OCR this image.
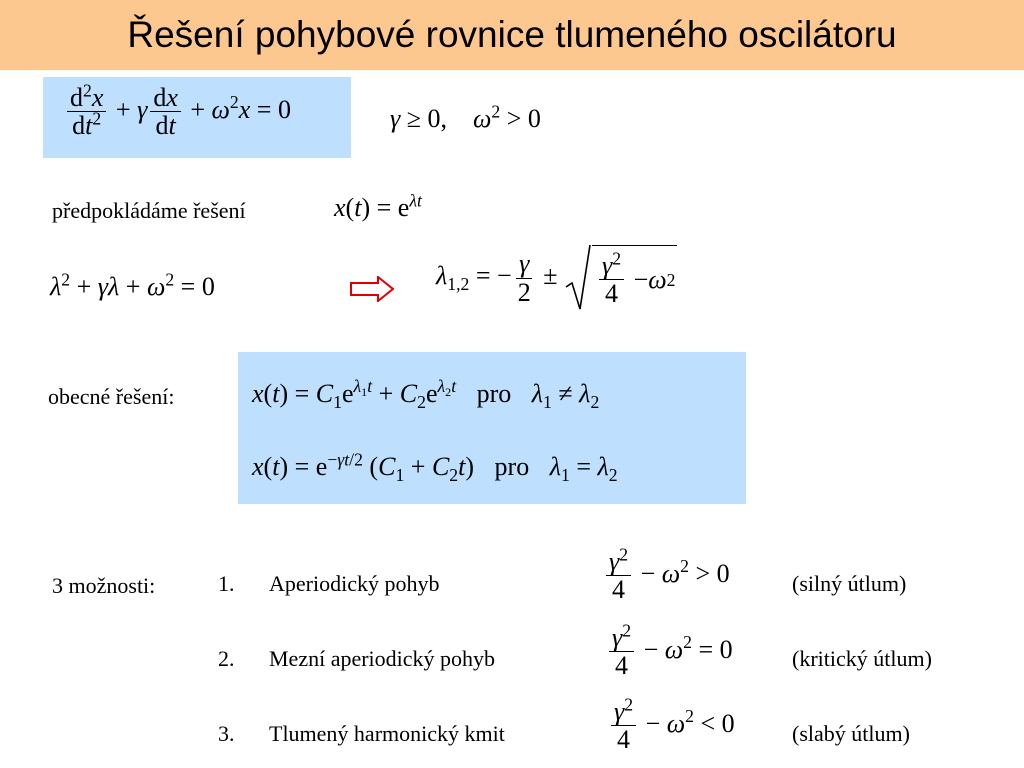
Řešení pohybové rovnice tlumeného oscilátoru
$\frac{d^2x}{dt^2} + \gamma \frac{dx}{dt} + \omega^2x = 0$	γ ≥ 0,    $\omega^2 > 0$
předpokládáme řešení	$x(t) = e^{\lambda t}$
$\lambda^2 + \gamma\lambda + \omega^2 = 0$	$\lambda_{1,2}$ = − $\frac{\gamma}{2} \pm \frac{\gamma^2}{4} - \omega$ 2
obecné řešení:	$x(t) = C_1e^{\lambda_1t} + C_2e^{\lambda_2t}$ pro $\lambda_1 \ne \lambda_2$
$x(t) = e^{-\gamma t/2}$ $(C_1 + C_2t)$ pro $\lambda_1 = \lambda_2$
3 možnosti:	1. Aperiodický pohyb	$\frac{\gamma^2}{4} - \omega^2 > 0$	(silný útlum)
2. Mezní aperiodický pohyb	$\frac{\gamma^2}{4} - \omega^2 = 0$	(kritický útlum)
3. Tlumený harmonický kmit	$\frac{\gamma^2}{4} - \omega^2 < 0$	(slabý útlum)
